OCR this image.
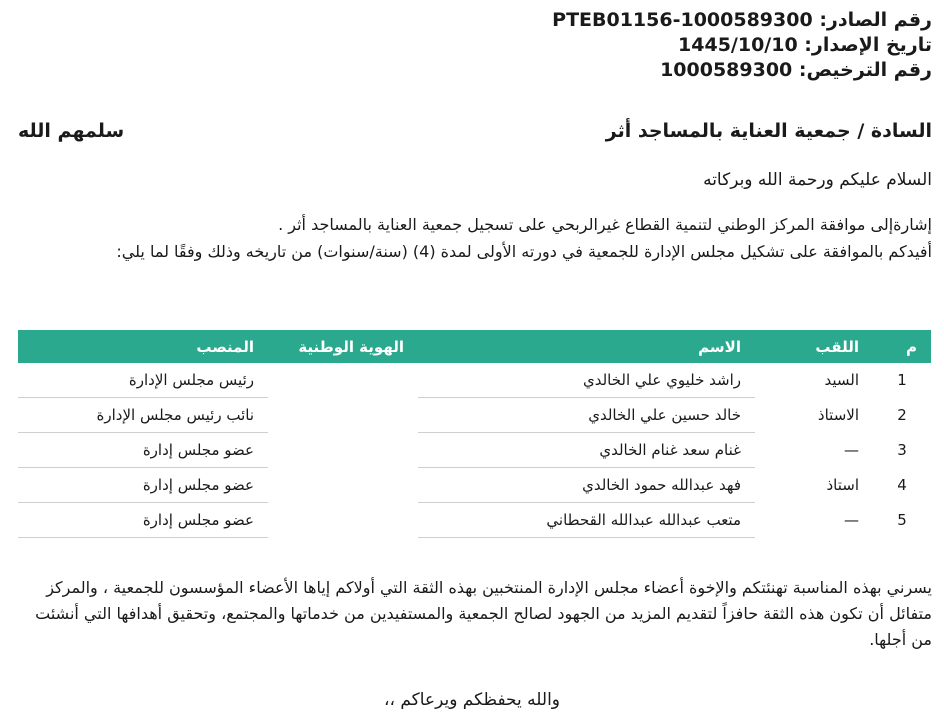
رقم الصادر: PTEB01156-1000589300
تاريخ الإصدار: 1445/10/10
رقم الترخيص: 1000589300
السادة / جمعية العناية بالمساجد أثر
سلمهم الله
السلام عليكم ورحمة الله وبركاته
إشارةإلى موافقة المركز الوطني لتنمية القطاع غيرالربحي على تسجيل جمعية العناية بالمساجد أثر .
أفيدكم بالموافقة على تشكيل مجلس الإدارة للجمعية في دورته الأولى لمدة (4) (سنة/سنوات) من تاريخه وذلك وفقًا لما يلي:
م	اللقب	الاسم	الهوية الوطنية	المنصب
1	السيد	راشد خليوي علي الخالدي		رئيس مجلس الإدارة
2	الاستاذ	خالد حسين علي الخالدي		نائب رئيس مجلس الإدارة
3	—	غنام سعد غنام الخالدي		عضو مجلس إدارة
4	استاذ	فهد عبدالله حمود الخالدي		عضو مجلس إدارة
5	—	متعب عبدالله عبدالله القحطاني		عضو مجلس إدارة
يسرني بهذه المناسبة تهنئتكم والإخوة أعضاء مجلس الإدارة المنتخبين بهذه الثقة التي أولاكم إياها الأعضاء المؤسسون للجمعية ، والمركز متفائل أن تكون هذه الثقة حافزاً لتقديم المزيد من الجهود لصالح الجمعية والمستفيدين من خدماتها والمجتمع، وتحقيق أهدافها التي أنشئت من أجلها.
والله يحفظكم ويرعاكم ،،
